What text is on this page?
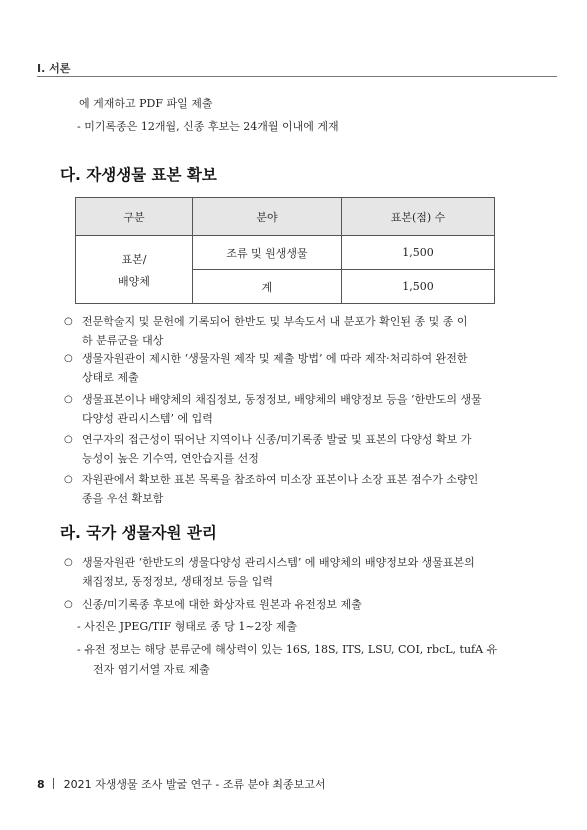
I. 서론
에 게재하고 PDF 파일 제출
- 미기록종은 12개월, 신종 후보는 24개월 이내에 게재
다. 자생생물 표본 확보
구분	분야	표본(점) 수

표본/
배양체	조류 및 원생생물	1,500
	계	1,500
○ 전문학술지 및 문헌에 기록되어 한반도 및 부속도서 내 분포가 확인된 종 및 종 이
하 분류군을 대상
○ 생물자원관이 제시한 ‘생물자원 제작 및 제출 방법’ 에 따라 제작·처리하여 완전한
상태로 제출
○ 생물표본이나 배양체의 채집정보, 동정정보, 배양체의 배양정보 등을 ‘한반도의 생물
다양성 관리시스템’ 에 입력
○ 연구자의 접근성이 뛰어난 지역이나 신종/미기록종 발굴 및 표본의 다양성 확보 가
능성이 높은 기수역, 연안습지를 선정
○ 자원관에서 확보한 표본 목록을 참조하여 미소장 표본이나 소장 표본 점수가 소량인
종을 우선 확보함
라. 국가 생물자원 관리
○ 생물자원관 ‘한반도의 생물다양성 관리시스템’ 에 배양체의 배양정보와 생물표본의
채집정보, 동정정보, 생태정보 등을 입력
○ 신종/미기록종 후보에 대한 화상자료 원본과 유전정보 제출
- 사진은 JPEG/TIF 형태로 종 당 1~2장 제출
- 유전 정보는 해당 분류군에 해상력이 있는 16S, 18S, ITS, LSU, COI, rbcL, tufA 유
전자 염기서열 자료 제출
8 2021 자생생물 조사 발굴 연구 - 조류 분야 최종보고서
